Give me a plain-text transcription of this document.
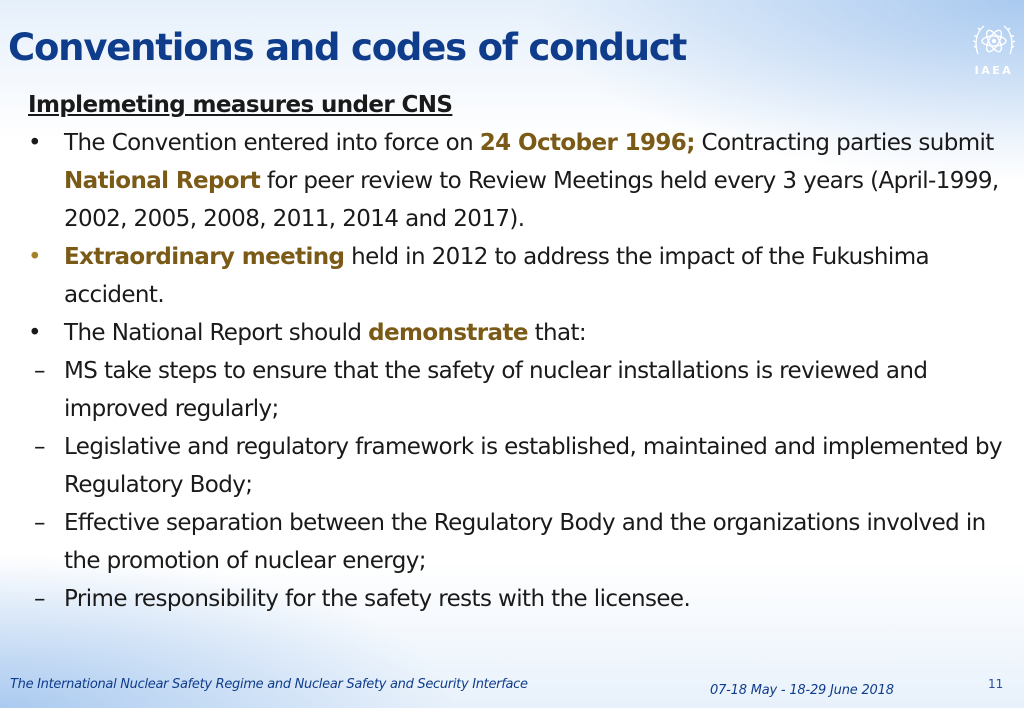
Conventions and codes of conduct
IAEA

Implemeting measures under CNS

•	The Convention entered into force on 24 October 1996; Contracting parties submit National Report for peer review to Review Meetings held every 3 years (April-1999, 2002, 2005, 2008, 2011, 2014 and 2017).

•	Extraordinary meeting held in 2012 to address the impact of the Fukushima accident.

•	The National Report should demonstrate that:

– MS take steps to ensure that the safety of nuclear installations is reviewed and improved regularly;

– Legislative and regulatory framework is established, maintained and implemented by Regulatory Body;

– Effective separation between the Regulatory Body and the organizations involved in the promotion of nuclear energy;

– Prime responsibility for the safety rests with the licensee.

The International Nuclear Safety Regime and Nuclear Safety and Security Interface	07-18 May - 18-29 June 2018	11
